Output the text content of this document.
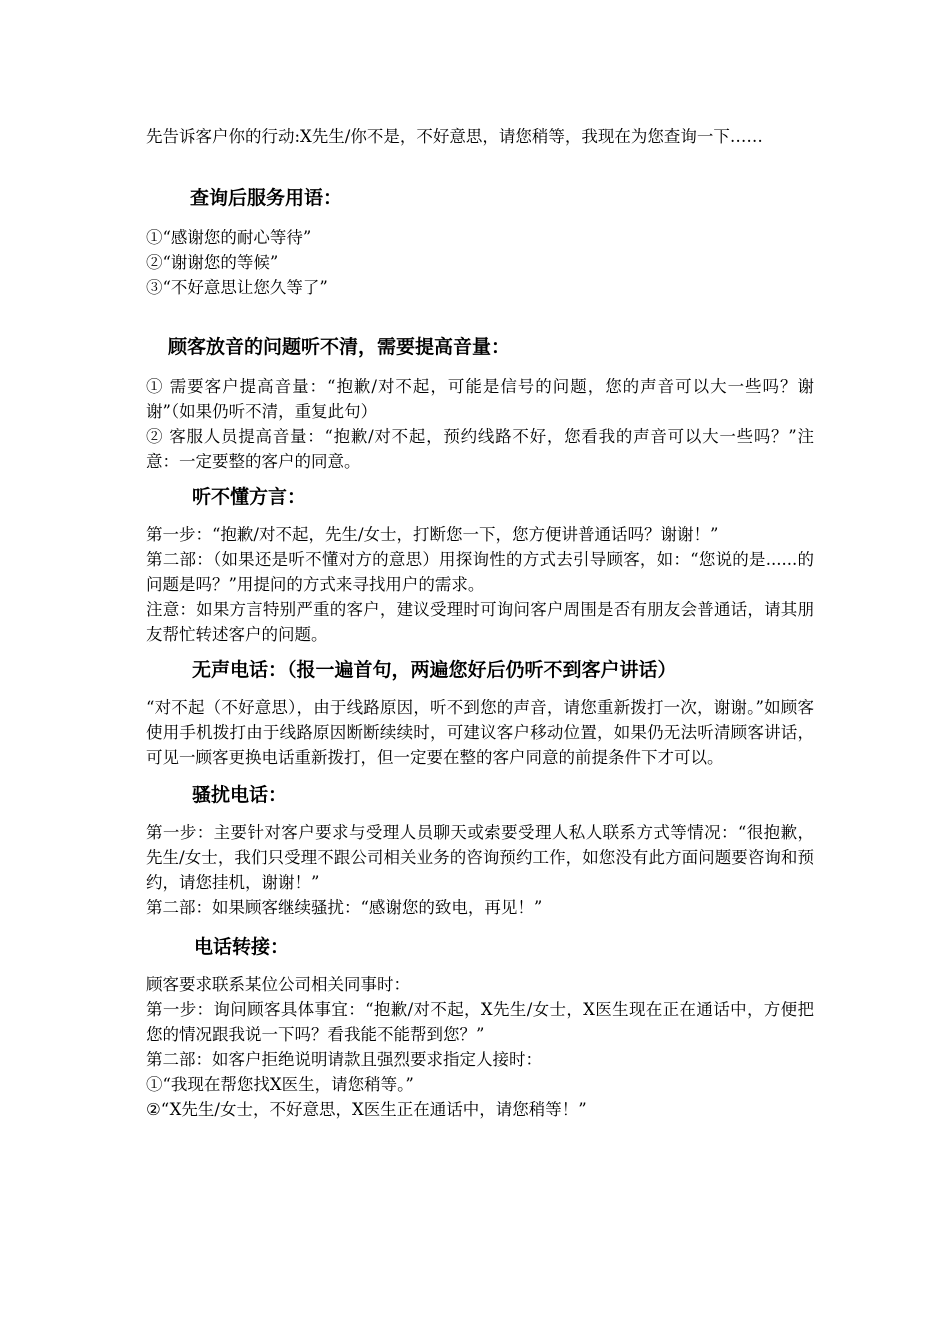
先告诉客户你的行动:X先生/你不是，不好意思，请您稍等，我现在为您查询一下……

查询后服务用语：

①“感谢您的耐心等待”

②“谢谢您的等候”

③“不好意思让您久等了”

顾客放音的问题听不清，需要提高音量：

① 需要客户提高音量：“抱歉/对不起，可能是信号的问题，您的声音可以大一些吗？谢谢”（如果仍听不清，重复此句）

② 客服人员提高音量：“抱歉/对不起，预约线路不好，您看我的声音可以大一些吗？”注意：一定要整的客户的同意。

听不懂方言：

第一步：“抱歉/对不起，先生/女士，打断您一下，您方便讲普通话吗？谢谢！”

第二部：（如果还是听不懂对方的意思）用探询性的方式去引导顾客，如：“您说的是......的问题是吗？”用提问的方式来寻找用户的需求。

注意：如果方言特别严重的客户，建议受理时可询问客户周围是否有朋友会普通话，请其朋友帮忙转述客户的问题。

无声电话：（报一遍首句，两遍您好后仍听不到客户讲话）

“对不起（不好意思），由于线路原因，听不到您的声音，请您重新拨打一次，谢谢。”如顾客使用手机拨打由于线路原因断断续续时，可建议客户移动位置，如果仍无法听清顾客讲话，可见一顾客更换电话重新拨打，但一定要在整的客户同意的前提条件下才可以。

骚扰电话：

第一步：主要针对客户要求与受理人员聊天或索要受理人私人联系方式等情况：“很抱歉，先生/女士，我们只受理不跟公司相关业务的咨询预约工作，如您没有此方面问题要咨询和预约，请您挂机，谢谢！”

第二部：如果顾客继续骚扰：“感谢您的致电，再见！”

电话转接：

顾客要求联系某位公司相关同事时：

第一步：询问顾客具体事宜：“抱歉/对不起，X先生/女士，X医生现在正在通话中，方便把您的情况跟我说一下吗？看我能不能帮到您？”

第二部：如客户拒绝说明请款且强烈要求指定人接时：

①“我现在帮您找X医生，请您稍等。”

②“X先生/女士，不好意思，X医生正在通话中，请您稍等！”
